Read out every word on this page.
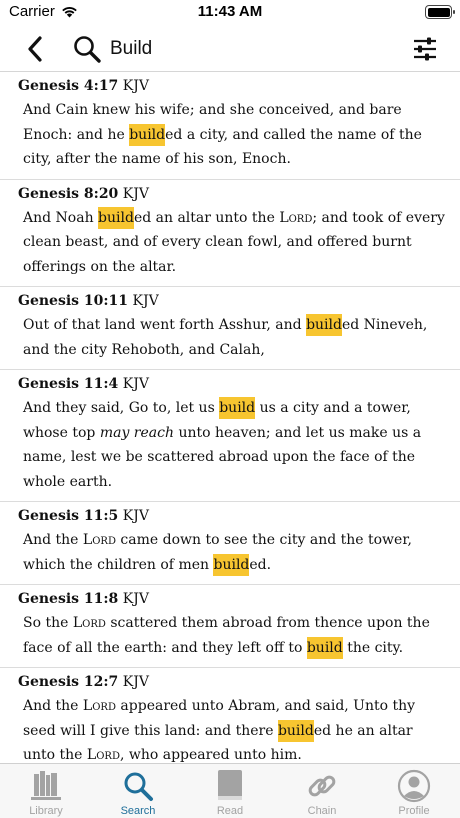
Carrier	11:43 AM
Build
Genesis 4:17 KJV
And Cain knew his wife; and she conceived, and bare Enoch: and he builded a city, and called the name of the city, after the name of his son, Enoch.
Genesis 8:20 KJV
And Noah builded an altar unto the Lord; and took of every clean beast, and of every clean fowl, and offered burnt offerings on the altar.
Genesis 10:11 KJV
Out of that land went forth Asshur, and builded Nineveh, and the city Rehoboth, and Calah,
Genesis 11:4 KJV
And they said, Go to, let us build us a city and a tower, whose top may reach unto heaven; and let us make us a name, lest we be scattered abroad upon the face of the whole earth.
Genesis 11:5 KJV
And the Lord came down to see the city and the tower, which the children of men builded.
Genesis 11:8 KJV
So the Lord scattered them abroad from thence upon the face of all the earth: and they left off to build the city.
Genesis 12:7 KJV
And the Lord appeared unto Abram, and said, Unto thy seed will I give this land: and there builded he an altar unto the Lord, who appeared unto him.
Library	Search	Read	Chain	Profile
